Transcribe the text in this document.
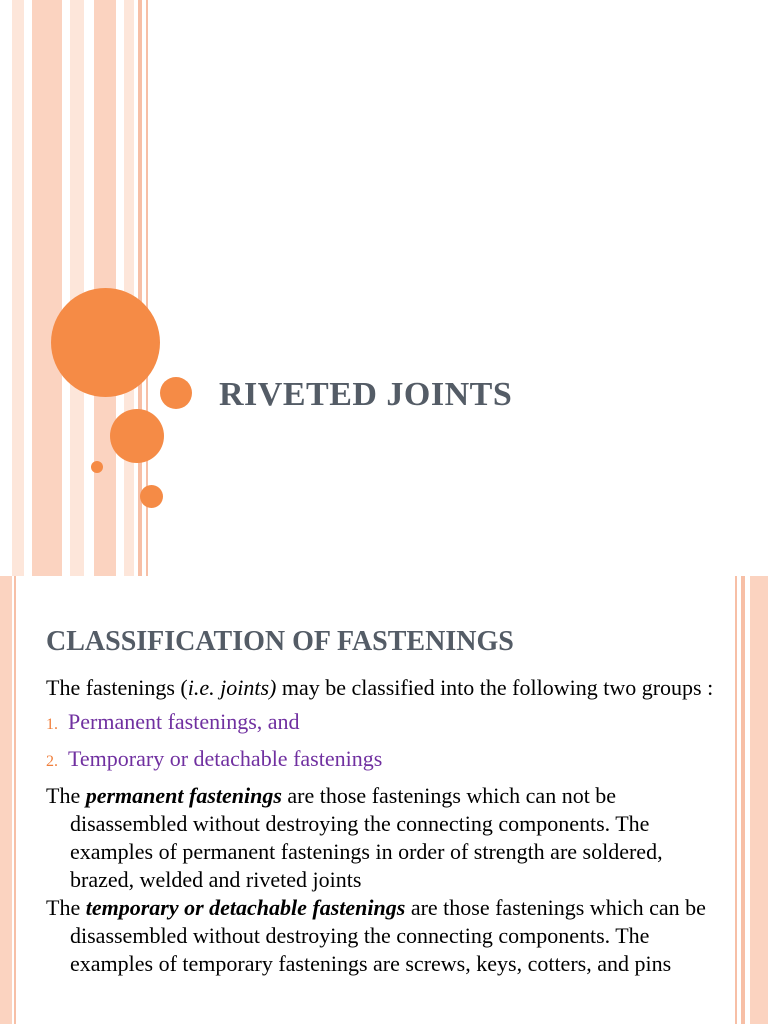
RIVETED JOINTS
CLASSIFICATION OF FASTENINGS

The fastenings (i.e. joints) may be classified into the following two groups :

1. Permanent fastenings, and
2. Temporary or detachable fastenings

The permanent fastenings are those fastenings which can not be disassembled without destroying the connecting components. The examples of permanent fastenings in order of strength are soldered, brazed, welded and riveted joints

The temporary or detachable fastenings are those fastenings which can be disassembled without destroying the connecting components. The examples of temporary fastenings are screws, keys, cotters, and pins
